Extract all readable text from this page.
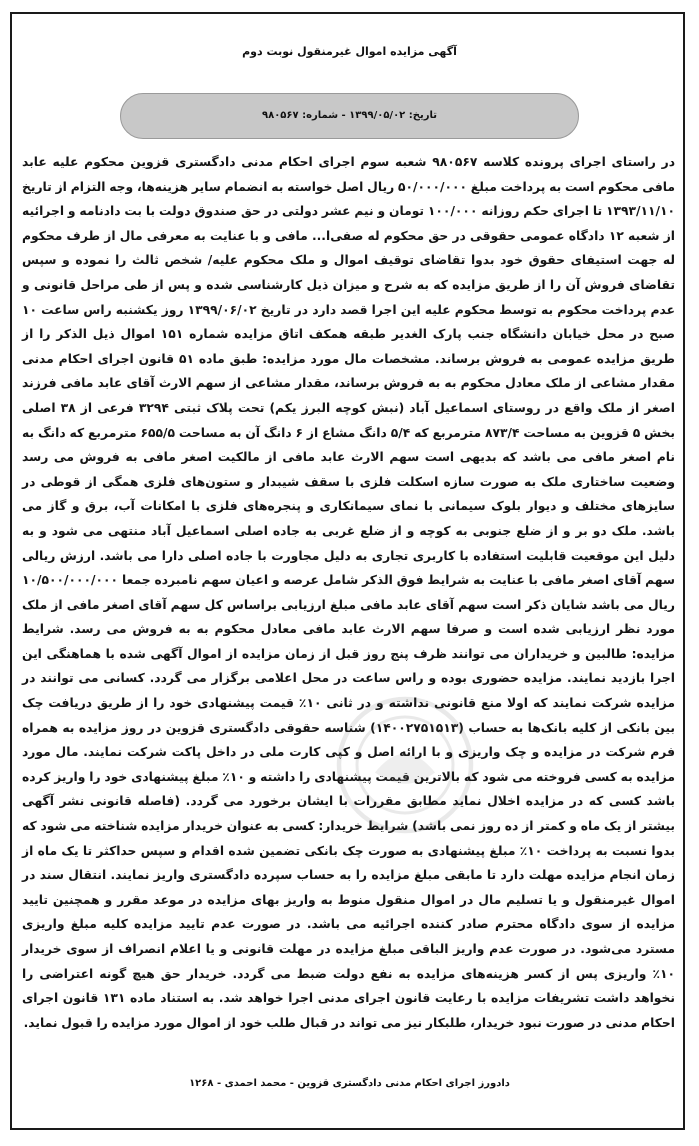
آگهی مزایده اموال غیرمنقول نوبت دوم
تاریخ: ۱۳۹۹/۰۵/۰۲ - شماره: ۹۸۰۵۶۷

در راستای اجرای پرونده کلاسه ۹۸۰۵۶۷ شعبه سوم اجرای احکام مدنی دادگستری قزوین محکوم علیه عابد مافی محکوم است به پرداخت مبلغ ۵۰/۰۰۰/۰۰۰ ریال اصل خواسته به انضمام سایر هزینه‌ها، وجه التزام از تاریخ ۱۳۹۳/۱۱/۱۰ تا اجرای حکم روزانه ۱۰۰/۰۰۰ تومان و نیم عشر دولتی در حق صندوق دولت با بت دادنامه و اجرائیه از شعبه ۱۲ دادگاه عمومی حقوقی در حق محکوم له صفی‌ا... مافی و با عنایت به معرفی مال از طرف محکوم له جهت استیفای حقوق خود بدوا تقاضای توقیف اموال و ملک محکوم علیه/ شخص ثالث را نموده و سپس تقاضای فروش آن را از طریق مزایده که به شرح و میزان ذیل کارشناسی شده و پس از طی مراحل قانونی و عدم پرداخت محکوم به توسط محکوم علیه این اجرا قصد دارد در تاریخ ۱۳۹۹/۰۶/۰۲ روز یکشنبه راس ساعت ۱۰ صبح در محل خیابان دانشگاه جنب پارک الغدیر طبقه همکف اتاق مزایده شماره ۱۵۱ اموال ذیل الذکر را از طریق مزایده عمومی به فروش برساند. مشخصات مال مورد مزایده: طبق ماده ۵۱ قانون اجرای احکام مدنی مقدار مشاعی از ملک معادل محکوم به به فروش برساند، مقدار مشاعی از سهم الارث آقای عابد مافی فرزند اصغر از ملک واقع در روستای اسماعیل آباد (نبش کوچه البرز یکم) تحت پلاک ثبتی ۳۲۹۴ فرعی از ۳۸ اصلی بخش ۵ قزوین به مساحت ۸۷۳/۴ مترمربع که ۵/۴ دانگ مشاع از ۶ دانگ آن به مساحت ۶۵۵/۵ مترمربع که دانگ به نام اصغر مافی می باشد که بدیهی است سهم الارث عابد مافی از مالکیت اصغر مافی به فروش می رسد وضعیت ساختاری ملک به صورت سازه اسکلت فلزی با سقف شیبدار و ستون‌های فلزی همگی از قوطی در سایزهای مختلف و دیوار بلوک سیمانی با نمای سیمانکاری و پنجره‌های فلزی با امکانات آب، برق و گاز می باشد. ملک دو بر و از ضلع جنوبی به کوچه و از ضلع غربی به جاده اصلی اسماعیل آباد منتهی می شود و به دلیل این موقعیت قابلیت استفاده با کاربری تجاری به دلیل مجاورت با جاده اصلی دارا می باشد. ارزش ریالی سهم آقای اصغر مافی با عنایت به شرایط فوق الذکر شامل عرصه و اعیان سهم نامبرده جمعا ۱۰/۵۰۰/۰۰۰/۰۰۰ ریال می باشد شایان ذکر است سهم آقای عابد مافی مبلغ ارزیابی براساس کل سهم آقای اصغر مافی از ملک مورد نظر ارزیابی شده است و صرفا سهم الارث عابد مافی معادل محکوم به به فروش می رسد. شرایط مزایده: طالبین و خریداران می توانند ظرف پنج روز قبل از زمان مزایده از اموال آگهی شده با هماهنگی این اجرا بازدید نمایند. مزایده حضوری بوده و راس ساعت در محل اعلامی برگزار می گردد. کسانی می توانند در مزایده شرکت نمایند که اولا منع قانونی نداشته و در ثانی ۱۰٪ قیمت پیشنهادی خود را از طریق دریافت چک بین بانکی از کلیه بانک‌ها به حساب (۱۴۰۰۲۷۵۱۵۱۳) شناسه حقوقی دادگستری قزوین در روز مزایده به همراه فرم شرکت در مزایده و چک واریزی و با ارائه اصل و کپی کارت ملی در داخل پاکت شرکت نمایند. مال مورد مزایده به کسی فروخته می شود که بالاترین قیمت پیشنهادی را داشته و ۱۰٪ مبلغ پیشنهادی خود را واریز کرده باشد کسی که در مزایده اخلال نماید مطابق مقررات با ایشان برخورد می گردد. (فاصله قانونی نشر آگهی بیشتر از یک ماه و کمتر از ده روز نمی باشد) شرایط خریدار: کسی به عنوان خریدار مزایده شناخته می شود که بدوا نسبت به پرداخت ۱۰٪ مبلغ پیشنهادی به صورت چک بانکی تضمین شده اقدام و سپس حداکثر تا یک ماه از زمان انجام مزایده مهلت دارد تا مابقی مبلغ مزایده را به حساب سپرده دادگستری واریز نمایند. انتقال سند در اموال غیرمنقول و یا تسلیم مال در اموال منقول منوط به واریز بهای مزایده در موعد مقرر و همچنین تایید مزایده از سوی دادگاه محترم صادر کننده اجرائیه می باشد. در صورت عدم تایید مزایده کلیه مبلغ واریزی مسترد می‌شود. در صورت عدم واریز الباقی مبلغ مزایده در مهلت قانونی و یا اعلام انصراف از سوی خریدار ۱۰٪ واریزی پس از کسر هزینه‌های مزایده به نفع دولت ضبط می گردد. خریدار حق هیچ گونه اعتراضی را نخواهد داشت تشریفات مزایده با رعایت قانون اجرای مدنی اجرا خواهد شد. به استناد ماده ۱۳۱ قانون اجرای احکام مدنی در صورت نبود خریدار، طلبکار نیز می تواند در قبال طلب خود از اموال مورد مزایده را قبول نماید.

دادورز اجرای احکام مدنی دادگستری قزوین - محمد احمدی - ۱۲۶۸
